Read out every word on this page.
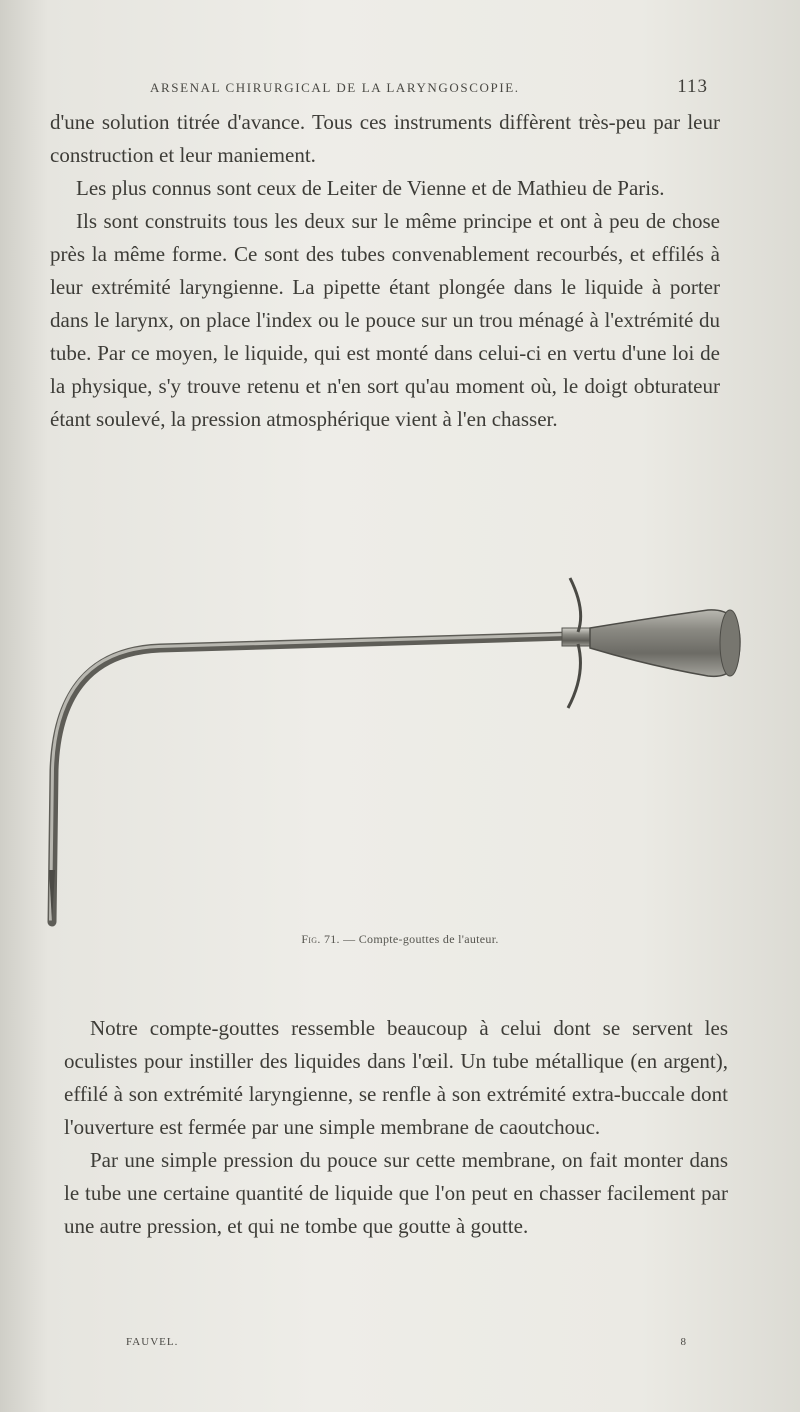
ARSENAL CHIRURGICAL DE LA LARYNGOSCOPIE.	113

d'une solution titrée d'avance. Tous ces instruments diffèrent très-peu par leur construction et leur maniement.

Les plus connus sont ceux de Leiter de Vienne et de Mathieu de Paris.

Ils sont construits tous les deux sur le même principe et ont à peu de chose près la même forme. Ce sont des tubes convenablement recourbés, et effilés à leur extrémité laryngienne. La pipette étant plongée dans le liquide à porter dans le larynx, on place l'index ou le pouce sur un trou ménagé à l'extrémité du tube. Par ce moyen, le liquide, qui est monté dans celui-ci en vertu d'une loi de la physique, s'y trouve retenu et n'en sort qu'au moment où, le doigt obturateur étant soulevé, la pression atmosphérique vient à l'en chasser.

Fig. 71. — Compte-gouttes de l'auteur.

Notre compte-gouttes ressemble beaucoup à celui dont se servent les oculistes pour instiller des liquides dans l'œil. Un tube métallique (en argent), effilé à son extrémité laryngienne, se renfle à son extrémité extra-buccale dont l'ouverture est fermée par une simple membrane de caoutchouc.

Par une simple pression du pouce sur cette membrane, on fait monter dans le tube une certaine quantité de liquide que l'on peut en chasser facilement par une autre pression, et qui ne tombe que goutte à goutte.

FAUVEL.	8
